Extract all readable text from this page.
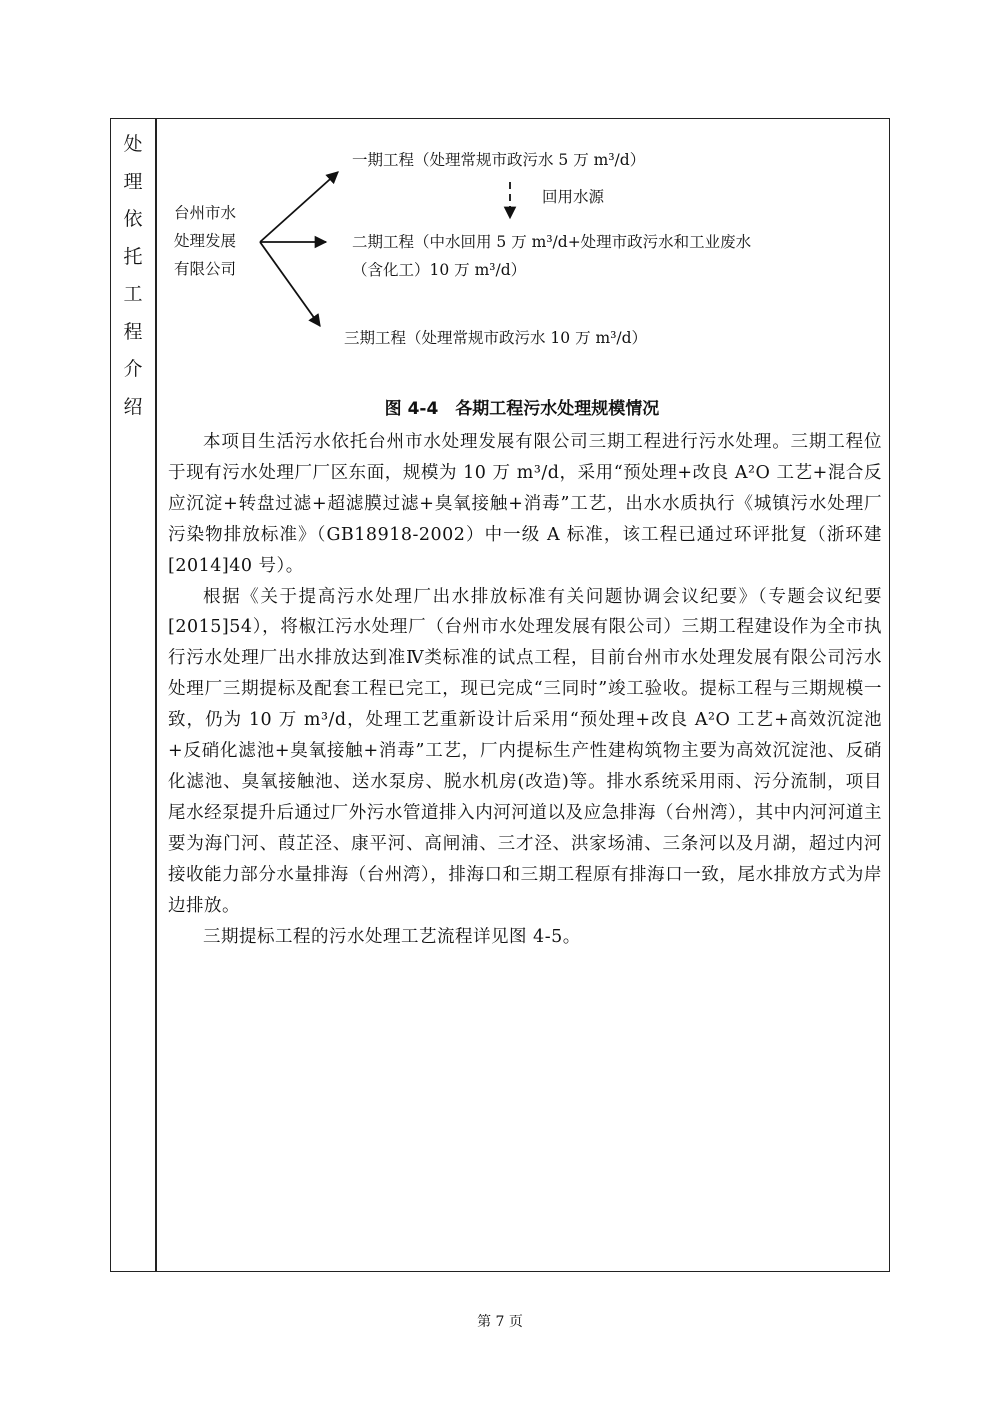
处
理
依
托
工
程
介
绍
台州市水
处理发展
有限公司
一期工程（处理常规市政污水 5 万 m³/d）
回用水源
二期工程（中水回用 5 万 m³/d+处理市政污水和工业废水
（含化工）10 万 m³/d）
三期工程（处理常规市政污水 10 万 m³/d）
图 4-4　各期工程污水处理规模情况

本项目生活污水依托台州市水处理发展有限公司三期工程进行污水处理。三期工程位于现有污水处理厂厂区东面，规模为 10 万 m³/d，采用“预处理+改良 A²O 工艺+混合反应沉淀+转盘过滤+超滤膜过滤+臭氧接触+消毒”工艺，出水水质执行《城镇污水处理厂污染物排放标准》（GB18918-2002）中一级 A 标准，该工程已通过环评批复（浙环建[2014]40 号）。

根据《关于提高污水处理厂出水排放标准有关问题协调会议纪要》（专题会议纪要[2015]54），将椒江污水处理厂（台州市水处理发展有限公司）三期工程建设作为全市执行污水处理厂出水排放达到准Ⅳ类标准的试点工程，目前台州市水处理发展有限公司污水处理厂三期提标及配套工程已完工，现已完成“三同时”竣工验收。提标工程与三期规模一致，仍为 10 万 m³/d，处理工艺重新设计后采用“预处理+改良 A²O 工艺+高效沉淀池+反硝化滤池+臭氧接触+消毒”工艺，厂内提标生产性建构筑物主要为高效沉淀池、反硝化滤池、臭氧接触池、送水泵房、脱水机房(改造)等。排水系统采用雨、污分流制，项目尾水经泵提升后通过厂外污水管道排入内河河道以及应急排海（台州湾），其中内河河道主要为海门河、葭芷泾、康平河、高闸浦、三才泾、洪家场浦、三条河以及月湖，超过内河接收能力部分水量排海（台州湾），排海口和三期工程原有排海口一致，尾水排放方式为岸边排放。

三期提标工程的污水处理工艺流程详见图 4-5。

第 7 页
